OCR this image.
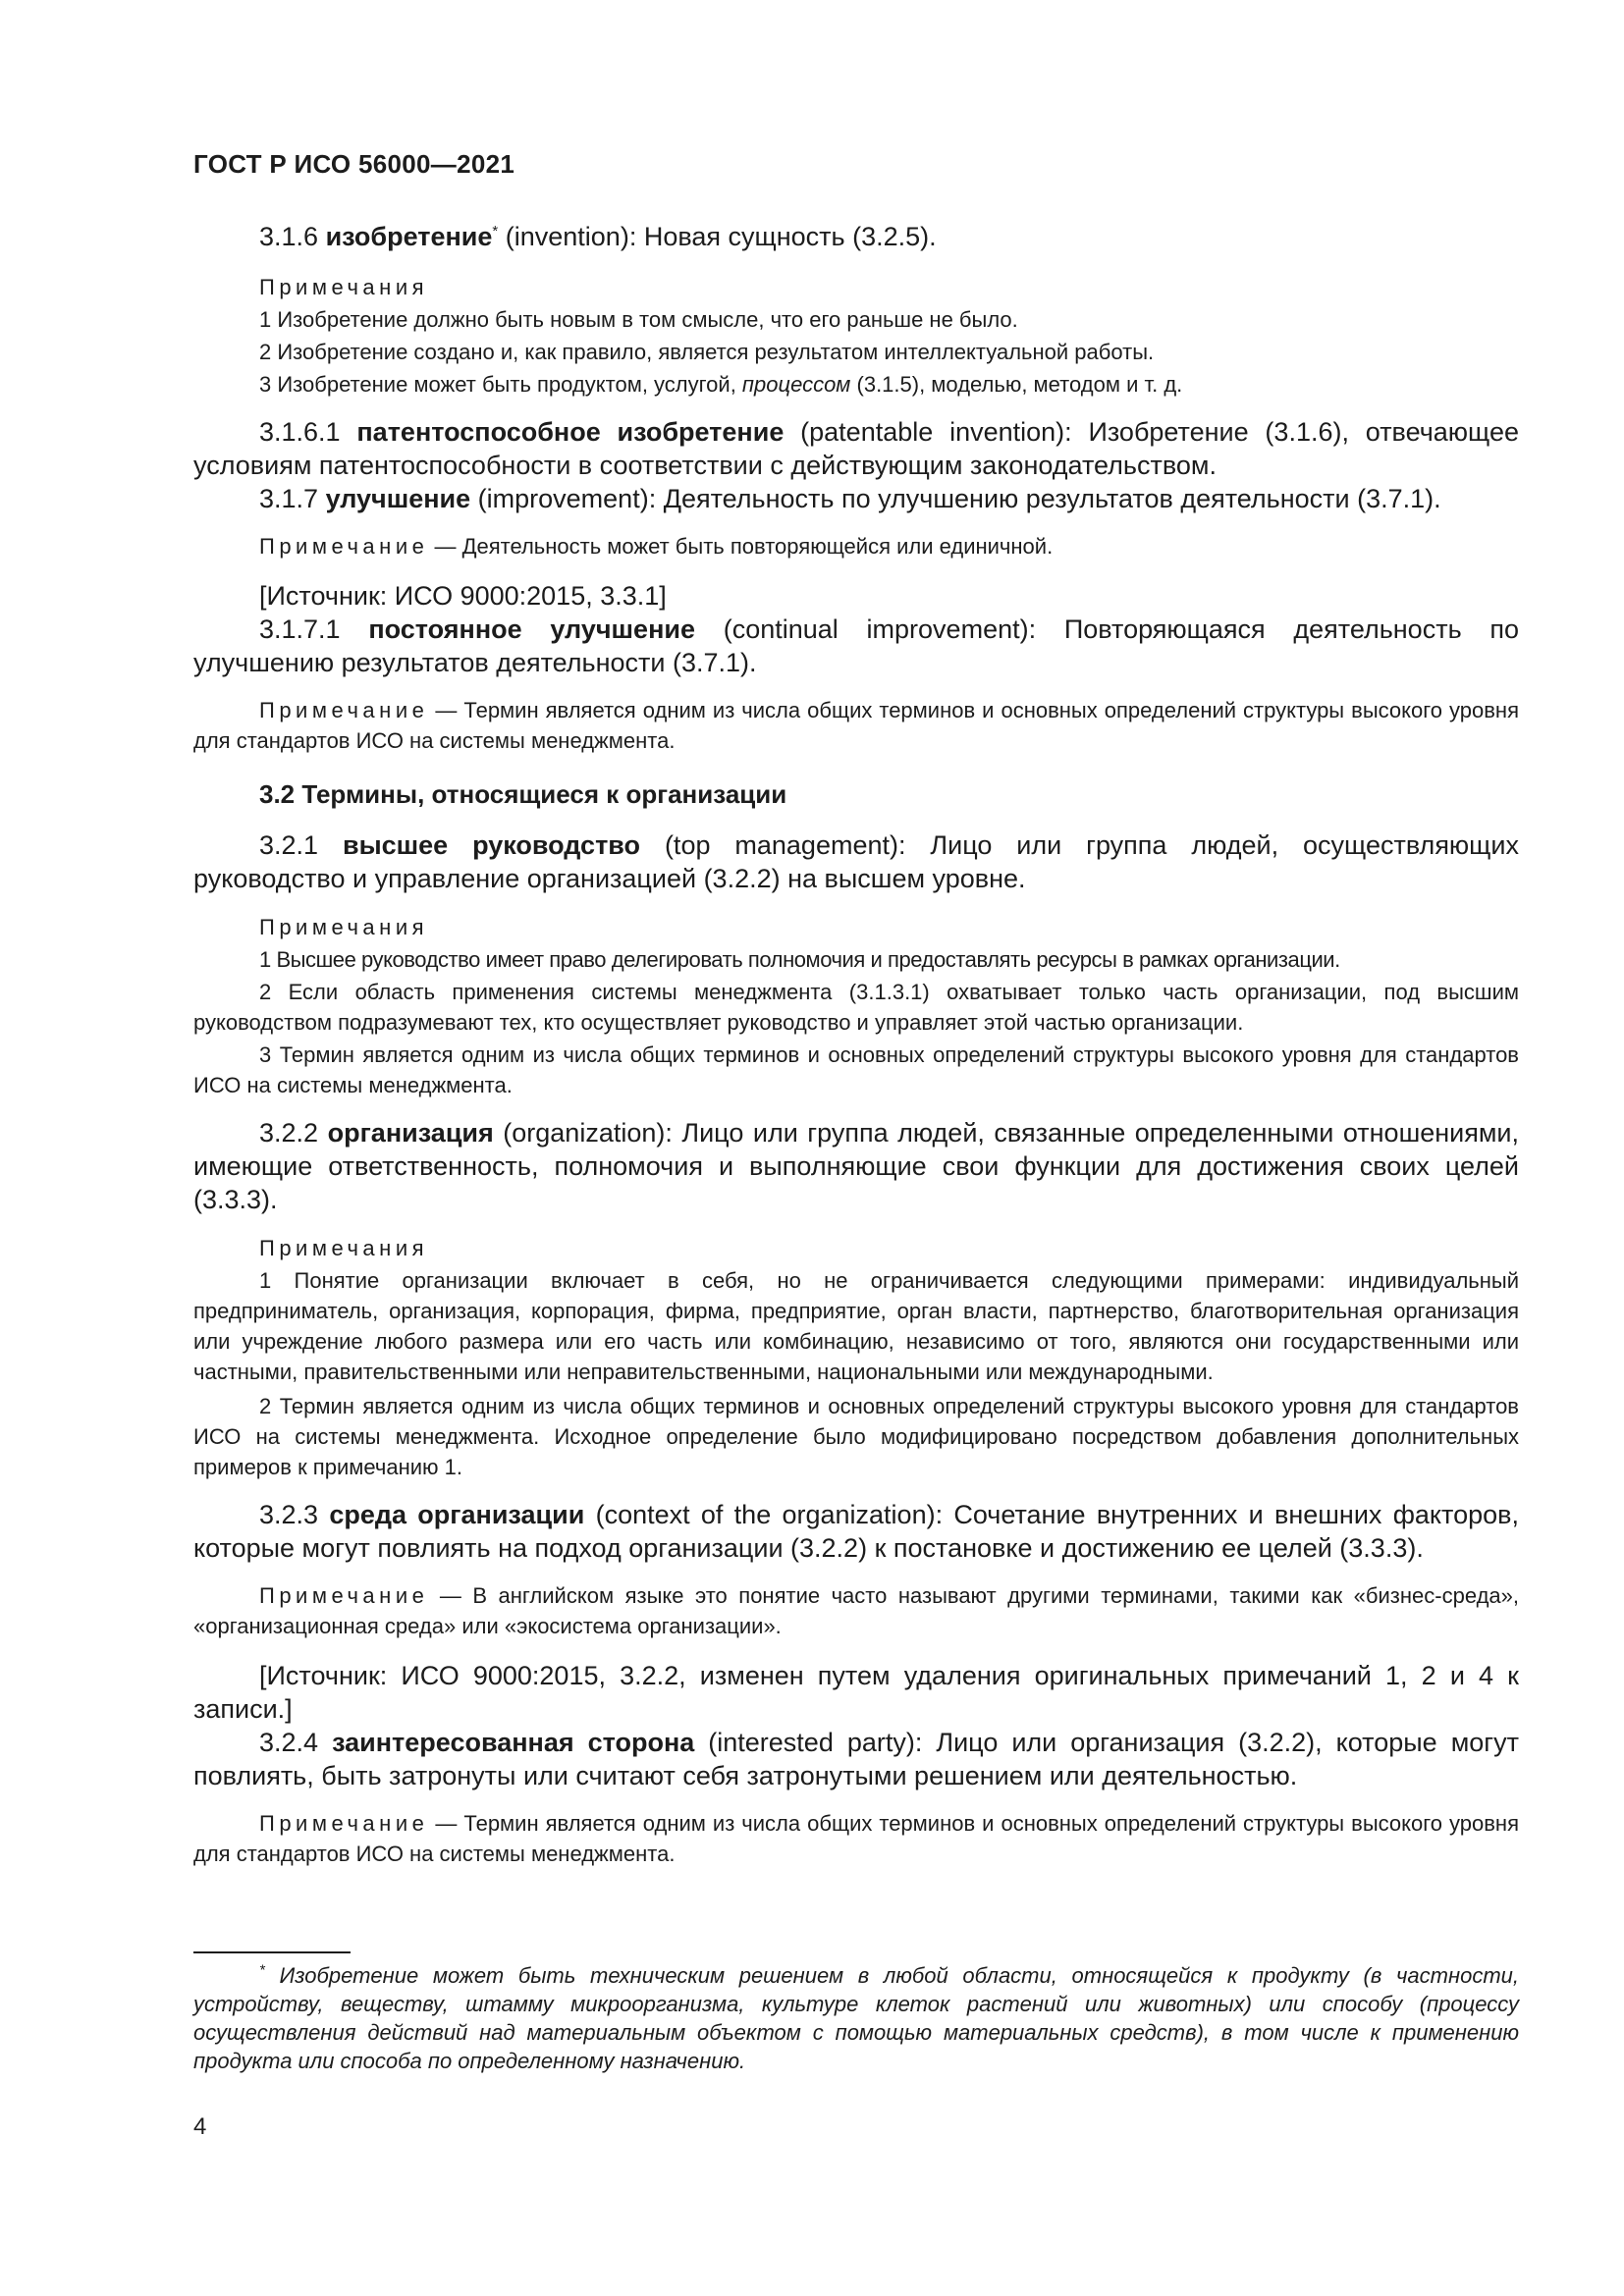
ГОСТ Р ИСО 56000—2021

3.1.6 изобретение* (invention): Новая сущность (3.2.5).

Примечания

1 Изобретение должно быть новым в том смысле, что его раньше не было.

2 Изобретение создано и, как правило, является результатом интеллектуальной работы.

3 Изобретение может быть продуктом, услугой, процессом (3.1.5), моделью, методом и т. д.

3.1.6.1 патентоспособное изобретение (patentable invention): Изобретение (3.1.6), отвечающее условиям патентоспособности в соответствии с действующим законодательством.

3.1.7 улучшение (improvement): Деятельность по улучшению результатов деятельности (3.7.1).

Примечание — Деятельность может быть повторяющейся или единичной.

[Источник: ИСО 9000:2015, 3.3.1]

3.1.7.1 постоянное улучшение (continual improvement): Повторяющаяся деятельность по улучшению результатов деятельности (3.7.1).

Примечание — Термин является одним из числа общих терминов и основных определений структуры высокого уровня для стандартов ИСО на системы менеджмента.

3.2 Термины, относящиеся к организации

3.2.1 высшее руководство (top management): Лицо или группа людей, осуществляющих руководство и управление организацией (3.2.2) на высшем уровне.

Примечания

1 Высшее руководство имеет право делегировать полномочия и предоставлять ресурсы в рамках организации.

2 Если область применения системы менеджмента (3.1.3.1) охватывает только часть организации, под высшим руководством подразумевают тех, кто осуществляет руководство и управляет этой частью организации.

3 Термин является одним из числа общих терминов и основных определений структуры высокого уровня для стандартов ИСО на системы менеджмента.

3.2.2 организация (organization): Лицо или группа людей, связанные определенными отношениями, имеющие ответственность, полномочия и выполняющие свои функции для достижения своих целей (3.3.3).

Примечания

1 Понятие организации включает в себя, но не ограничивается следующими примерами: индивидуальный предприниматель, организация, корпорация, фирма, предприятие, орган власти, партнерство, благотворительная организация или учреждение любого размера или его часть или комбинацию, независимо от того, являются они государственными или частными, правительственными или неправительственными, национальными или международными.

2 Термин является одним из числа общих терминов и основных определений структуры высокого уровня для стандартов ИСО на системы менеджмента. Исходное определение было модифицировано посредством добавления дополнительных примеров к примечанию 1.

3.2.3 среда организации (context of the organization): Сочетание внутренних и внешних факторов, которые могут повлиять на подход организации (3.2.2) к постановке и достижению ее целей (3.3.3).

Примечание — В английском языке это понятие часто называют другими терминами, такими как «бизнес-среда», «организационная среда» или «экосистема организации».

[Источник: ИСО 9000:2015, 3.2.2, изменен путем удаления оригинальных примечаний 1, 2 и 4 к записи.]

3.2.4 заинтересованная сторона (interested party): Лицо или организация (3.2.2), которые могут повлиять, быть затронуты или считают себя затронутыми решением или деятельностью.

Примечание — Термин является одним из числа общих терминов и основных определений структуры высокого уровня для стандартов ИСО на системы менеджмента.

* Изобретение может быть техническим решением в любой области, относящейся к продукту (в частности, устройству, веществу, штамму микроорганизма, культуре клеток растений или животных) или способу (процессу осуществления действий над материальным объектом с помощью материальных средств), в том числе к применению продукта или способа по определенному назначению.

4
